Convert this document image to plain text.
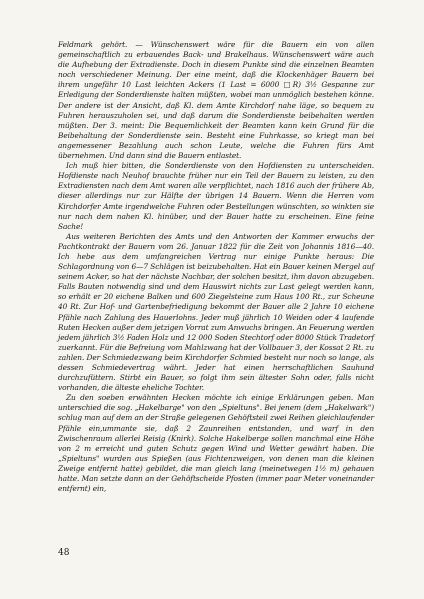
Feldmark gehört. — Wünschenswert wäre für die Bauern ein von allen gemeinschaftlich zu erbauendes Back- und Brakelhaus. Wünschenswert wäre auch die Aufhebung der Extradienste. Doch in diesem Punkte sind die einzelnen Beamten noch verschiedener Meinung. Der eine meint, daß die Klockenhäger Bauern bei ihrem ungefähr 10 Last leichten Ackers (1 Last = 6000 □R) 3½ Gespanne zur Erledigung der Sonderdienste halten müßten, wobei man unmöglich bestehen könne. Der andere ist der Ansicht, daß Kl. dem Amte Kirchdorf nahe läge, so bequem zu Fuhren herauszuholen sei, und daß darum die Sonderdienste beibehalten werden müßten. Der 3. meint: Die Bequemlichkeit der Beamten kann kein Grund für die Beibehaltung der Sonderdienste sein. Besteht eine Fuhrkasse, so kriegt man bei angemessener Bezahlung auch schon Leute, welche die Fuhren fürs Amt übernehmen. Und dann sind die Bauern entlastet.

Ich muß hier bitten, die Sonderdienste von den Hofdiensten zu unterscheiden. Hofdienste nach Neuhof brauchte früher nur ein Teil der Bauern zu leisten, zu den Extradiensten nach dem Amt waren alle verpflichtet, nach 1816 auch der frühere Ab, dieser allerdings nur zur Hälfte der übrigen 14 Bauern. Wenn die Herren vom Kirchdorfer Amte irgendwelche Fuhren oder Bestellungen wünschten, so winkten sie nur nach dem nahen Kl. hinüber, und der Bauer hatte zu erscheinen. Eine feine Sache!

Aus weiteren Berichten des Amts und den Antworten der Kammer erwuchs der Pachtkontrakt der Bauern vom 26. Januar 1822 für die Zeit von Johannis 1816—40. Ich hebe aus dem umfangreichen Vertrag nur einige Punkte heraus: Die Schlagordnung von 6—7 Schlägen ist beizubehalten. Hat ein Bauer keinen Mergel auf seinem Acker, so hat der nächste Nachbar, der solchen besitzt, ihm davon abzugeben. Falls Bauten notwendig sind und dem Hauswirt nichts zur Last gelegt werden kann, so erhält er 20 eichene Balken und 600 Ziegelsteine zum Haus 100 Rt., zur Scheune 40 Rt. Zur Hof- und Gartenbefriedigung bekommt der Bauer alle 2 Jahre 10 eichene Pfähle nach Zahlung des Hauerlohns. Jeder muß jährlich 10 Weiden oder 4 laufende Ruten Hecken außer dem jetzigen Vorrat zum Anwuchs bringen. An Feuerung werden jedem jährlich 3½ Faden Holz und 12 000 Soden Stechtorf oder 8000 Stück Tradetorf zuerkannt. Für die Befreiung vom Mahlzwang hat der Vollbauer 3, der Kossat 2 Rt. zu zahlen. Der Schmiedezwang beim Kirchdorfer Schmied besteht nur noch so lange, als dessen Schmiedevertrag währt. Jeder hat einen herrschaftlichen Sauhund durchzufüttern. Stirbt ein Bauer, so folgt ihm sein ältester Sohn oder, falls nicht vorhanden, die älteste eheliche Tochter.

Zu den soeben erwähnten Hecken möchte ich einige Erklärungen geben. Man unterschied die sog. „Hakelbarge" von den „Spieltuns". Bei jenem (dem „Hakelwark") schlug man auf dem an der Straße gelegenen Gehöftsteil zwei Reihen gleichlaufender Pfähle ein,ummante sie, daß 2 Zaunreihen entstanden, und warf in den Zwischenraum allerlei Reisig (Knirk). Solche Hakelberge sollen manchmal eine Höhe von 2 m erreicht und guten Schutz gegen Wind und Wetter gewährt haben. Die „Spieltuns" wurden aus Spießen (aus Fichtenzweigen, von denen man die kleinen Zweige entfernt hatte) gebildet, die man gleich lang (meinetwegen 1½ m) gehauen hatte. Man setzte dann an der Gehöftscheide Pfosten (immer paar Meter voneinander entfernt) ein,

48
